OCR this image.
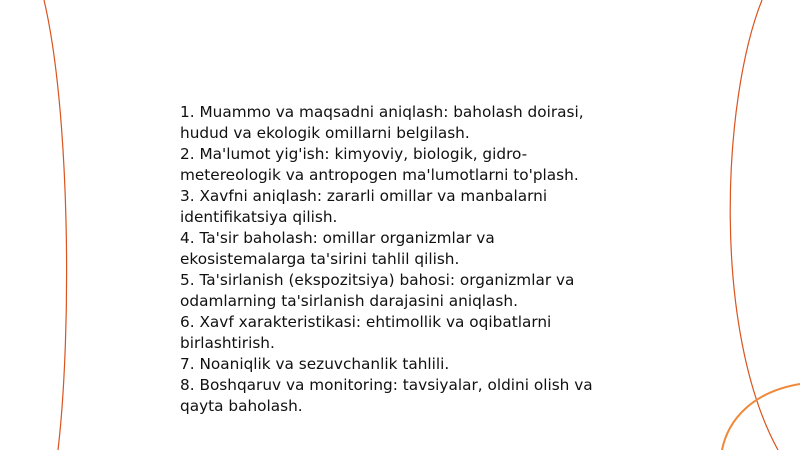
1. Muammo va maqsadni aniqlash: baholash doirasi, hudud va ekologik omillarni belgilash.
2. Ma'lumot yig'ish: kimyoviy, biologik, gidro-metereologik va antropogen ma'lumotlarni to'plash.
3. Xavfni aniqlash: zararli omillar va manbalarni identifikatsiya qilish.
4. Ta'sir baholash: omillar organizmlar va ekosistemalarga ta'sirini tahlil qilish.
5. Ta'sirlanish (ekspozitsiya) bahosi: organizmlar va odamlarning ta'sirlanish darajasini aniqlash.
6. Xavf xarakteristikasi: ehtimollik va oqibatlarni birlashtirish.
7. Noaniqlik va sezuvchanlik tahlili.
8. Boshqaruv va monitoring: tavsiyalar, oldini olish va qayta baholash.
